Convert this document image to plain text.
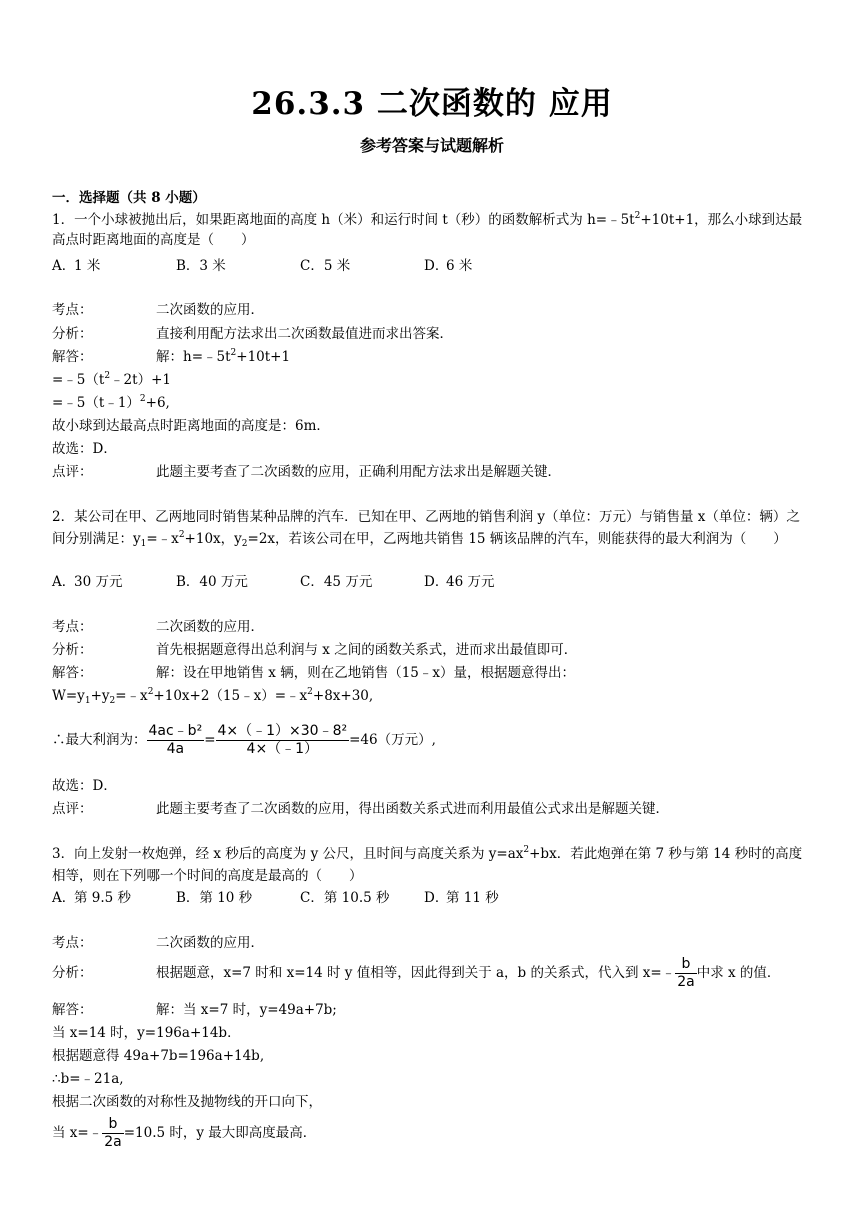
26.3.3 二次函数的 应用
参考答案与试题解析
一．选择题（共 8 小题）
1．一个小球被抛出后，如果距离地面的高度 h（米）和运行时间 t（秒）的函数解析式为 $h=﹣5t^2+10t+1$，那么小球到达最高点时距离地面的高度是（　　）
A．1 米	B．3 米	C．5 米	D．6 米
考点：	二次函数的应用．
分析：	直接利用配方法求出二次函数最值进而求出答案．
解答：	解：$h=﹣5t^2+10t+1$
$=﹣5(t^2﹣2t)+1$
=﹣5（t﹣1）$^2$+6,
故小球到达最高点时距离地面的高度是：6m．
故选：D．
点评：	此题主要考查了二次函数的应用，正确利用配方法求出是解题关键．
2．某公司在甲、乙两地同时销售某种品牌的汽车．已知在甲、乙两地的销售利润 y（单位：万元）与销售量 x（单位：辆）之间分别满足：$y_1=﹣x^2+10x$，$y_2=2x$，若该公司在甲，乙两地共销售 15 辆该品牌的汽车，则能获得的最大利润为（　　）
A．30 万元	B．40 万元	C．45 万元	D．46 万元
考点：	二次函数的应用．
分析：	首先根据题意得出总利润与 x 之间的函数关系式，进而求出最值即可．
解答：	解：设在甲地销售 x 辆，则在乙地销售（15﹣x）量，根据题意得出：
$W=y_1+y_2=﹣x^2+10x+2(15﹣x)=﹣x^2+8x+30$,
∴最大利润为： $\frac{\text{4ac﹣b²}}{4a} = \frac{\text{4×（﹣1）×30﹣8²}}{4\times(﹣1)} =46$（万元）,
故选：D．
点评：	此题主要考查了二次函数的应用，得出函数关系式进而利用最值公式求出是解题关键．
3．向上发射一枚炮弹，经 x 秒后的高度为 y 公尺，且时间与高度关系为 $y=ax^2+bx$．若此炮弹在第 7 秒与第 14 秒时的高度相等，则在下列哪一个时间的高度是最高的（　　）
A．第 9.5 秒	B．第 10 秒	C．第 10.5 秒	D．第 11 秒
考点：	二次函数的应用．
分析：	根据题意，x=7 时和 x=14 时 y 值相等，因此得到关于 a，b 的关系式，代入到 x=﹣ $\frac{b}{2a}$ 中求 x 的值．
解答：	解：当 x=7 时，y=49a+7b;
当 x=14 时，y=196a+14b．
根据题意得 49a+7b=196a+14b,
∴b=﹣21a,
根据二次函数的对称性及抛物线的开口向下，
当 x=﹣ $\frac{b}{2a} =10.5$ 时，y 最大即高度最高．
